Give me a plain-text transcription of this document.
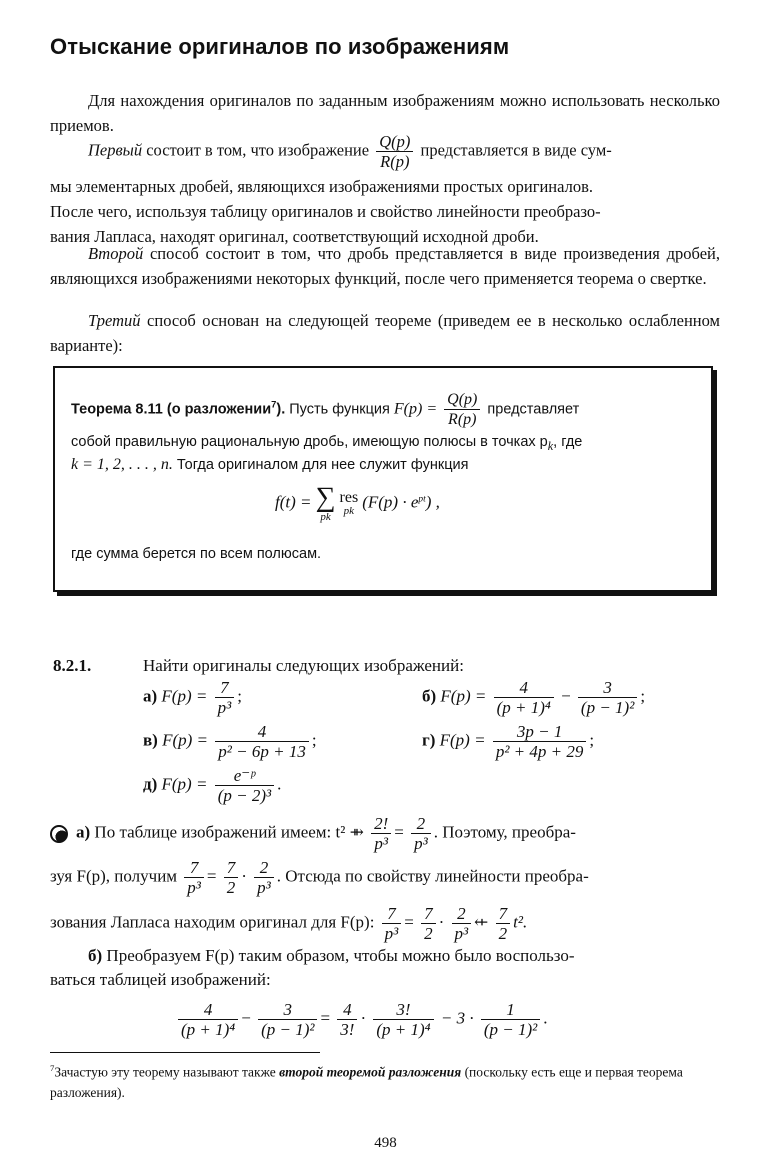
Отыскание оригиналов по изображениям
Для нахождения оригиналов по заданным изображениям можно использовать несколько приемов.
Первый состоит в том, что изображение $\frac{Q(p)}{R(p)}$ представляется в виде сум-
мы элементарных дробей, являющихся изображениями простых оригиналов.
После чего, используя таблицу оригиналов и свойство линейности преобразо-
вания Лапласа, находят оригинал, соответствующий исходной дроби.
Второй способ состоит в том, что дробь представляется в виде произведения дробей, являющихся изображениями некоторых функций, после чего применяется теорема о свертке.
Третий способ основан на следующей теореме (приведем ее в несколько ослабленном варианте):
Теорема 8.11 (о разложении$^7$). Пусть функция $F(p) = \frac{Q(p)}{R(p)}$ представляет
собой правильную рациональную дробь, имеющую полюсы в точках $p_k$, где
k = 1, 2, . . . , n. Тогда оригиналом для нее служит функция
f(t) = ∑
pk

res
pk $(F(p) \cdot e^{pt})$ ,
где сумма берется по всем полюсам.
8.2.1.	Найти оригиналы следующих изображений:
а) $F(p) = \frac{7}{\text{p³}}$ ;	б) $F(p) = \frac{4}{\text{(p + 1)⁴}} - \frac{3}{\text{(p − 1)²}}$ ;
в) $F(p) = \frac{4}{\text{p² − 6p + 13}}$ ;	г) $F(p) = \frac{3p - 1}{\text{p² + 4p + 29}}$ ;
д) $F(p) = \frac{\text{e⁻ᵖ}}{\text{(p − 2)³}}$ .
а) По таблице изображений имеем: t² ⇻ $\frac{2!}{\text{p³}} = \frac{2}{\text{p³}}$ . Поэтому, преобра-
зуя F(p), получим $\frac{7}{\text{p³}} = \frac{7}{2} \cdot \frac{2}{\text{p³}}$ . Отсюда по свойству линейности преобра-
зования Лапласа находим оригинал для F(p): $\frac{7}{\text{p³}} = \frac{7}{2} \cdot \frac{2}{\text{p³}}$ ⇷ $\frac{7}{2} t^2$.
б) Преобразуем F(p) таким образом, чтобы можно было воспользо-
ваться таблицей изображений:
$\frac{4}{\text{(p + 1)⁴}} - \frac{3}{\text{(p − 1)²}} = \frac{4}{3!} \cdot \frac{3!}{\text{(p + 1)⁴}} - 3 \cdot \frac{1}{\text{(p − 1)²}}$ .
$^7$Зачастую эту теорему называют также второй теоремой разложения (поскольку есть еще и первая теорема разложения).
498
